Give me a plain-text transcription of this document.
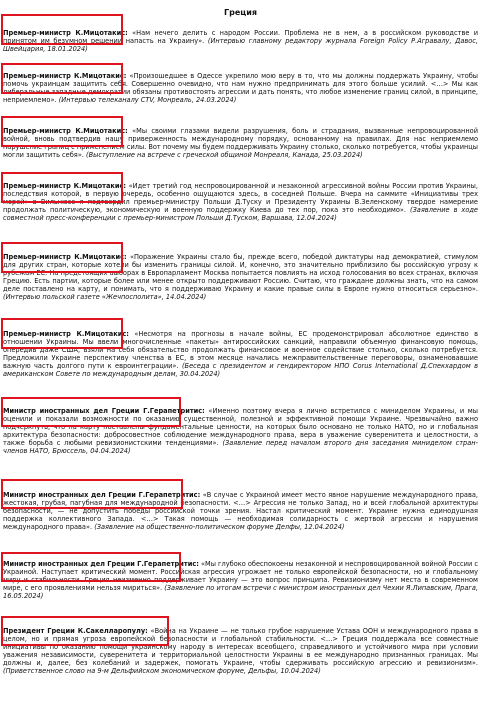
Греция
Премьер-министр К.Мицотакис: «Нам нечего делить с народом России. Проблема не в нем, а в российском руководстве и принятом им безумном решении напасть на Украину». (Интервью главному редактору журнала Foreign Policy Р.Агравалу, Давос, Швейцария, 18.01.2024)
Премьер-министр К.Мицотакис: «Произошедшее в Одессе укрепило мою веру в то, что мы должны поддержать Украину, чтобы помочь украинцам защитить себя. Совершенно очевидно, что нам нужно предпринимать для этого больше усилий. <…> Мы как либеральные западные демократии обязаны противостоять агрессии и дать понять, что любое изменение границ силой, в принципе, неприемлемо». (Интервью телеканалу CTV, Монреаль, 24.03.2024)
Премьер-министр К.Мицотакис: «Мы своими глазами видели разрушения, боль и страдания, вызванные непровоцированной войной, вновь подтвердив нашу приверженность международному порядку, основанному на правилах. Для нас неприемлемо нарушение границ с применением силы. Вот почему мы будем поддерживать Украину столько, сколько потребуется, чтобы украинцы могли защитить себя». (Выступление на встрече с греческой общиной Монреаля, Канада, 25.03.2024)
Премьер-министр К.Мицотакис: «Идет третий год неспровоцированной и незаконной агрессивной войны России против Украины, последствия которой, в первую очередь, особенно ощущаются здесь, в соседней Польше. Вчера на саммите «Инициативы трех морей» в Вильнюсе я подтвердил премьер-министру Польши Д.Туску и Президенту Украины В.Зеленскому твердое намерение продолжать политическую, экономическую и военную поддержку Киева до тех пор, пока это необходимо». (Заявление в ходе совместной пресс-конференции с премьер-министром Польши Д.Туском, Варшава, 12.04.2024)
Премьер-министр К.Мицотакис: «Поражение Украины стало бы, прежде всего, победой диктатуры над демократией, стимулом для других стран, которые хотели бы изменить границы силой. И, конечно, это значительно приблизило бы российскую угрозу к рубежам ЕС. На предстоящих выборах в Европарламент Москва попытается повлиять на исход голосования во всех странах, включая Грецию. Есть партии, которые более или менее открыто поддерживают Россию. Считаю, что граждане должны знать, что на самом деле поставлено на карту, и понимать, что я поддерживаю Украину и какие правые силы в Европе нужно относиться серьезно». (Интервью польской газете «Жечпосполита», 14.04.2024)
Премьер-министр К.Мицотакис: «Несмотря на прогнозы в начале войны, ЕС продемонстрировал абсолютное единство в отношении Украины. Мы ввели многочисленные «пакеты» антироссийских санкций, направили объемную финансовую помощь, опередив даже США, взяли на себя обязательство продолжать финансовое и военное содействие столько, сколько потребуется. Предложили Украине перспективу членства в ЕС, в этом месяце начались межправительственные переговоры, ознаменовавшие важную часть долгого пути к евроинтеграции». (Беседа с президентом и гендиректором НПО Corus International Д.Спекхардом в американском Совете по международным делам, 30.04.2024)
Министр иностранных дел Греции Г.Герапетритис: «Именно поэтому вчера я лично встретился с миниделом Украины, и мы оценили и показали возможности по оказанию существенной, полезной и эффективной помощи Украине. Чрезвычайно важно подчеркнуть, что на карту поставлены фундаментальные ценности, на которых было основано не только НАТО, но и глобальная архитектура безопасности: добросовестное соблюдение международного права, вера в уважение суверенитета и целостности, а также борьба с любыми ревизионистскими тенденциями». (Заявление перед началом второго дня заседания миниделом стран-членов НАТО, Брюссель, 04.04.2024)
Министр иностранных дел Греции Г.Герапетритис: «В случае с Украиной имеет место явное нарушение международного права, жестокая, грубая, пагубная для международной безопасности. <…> Агрессия не только Запад, но и всей глобальной архитектуры безопасности, — не допустить победы российской точки зрения. Настал критический момент. Украине нужна единодушная поддержка коллективного Запада. <…> Такая помощь — необходимая солидарность с жертвой агрессии и нарушения международного права». (Заявление на общественно-политическом форуме Делфы, 12.04.2024)
Министр иностранных дел Греции Г.Герапетритис: «Мы глубоко обеспокоены незаконной и неспровоцированной войной России с Украиной. Наступает критический момент. Российская агрессия угрожает не только европейской безопасности, но и глобальному миру и стабильности. Греция неизменно поддерживает Украину — это вопрос принципа. Ревизионизму нет места в современном мире, с его проявлениями нельзя мириться». (Заявление по итогам встречи с министром иностранных дел Чехии Я.Липавским, Прага, 16.05.2024)
Президент Греции К.Сакелларопулу: «Война на Украине — не только грубое нарушение Устава ООН и международного права в целом, но и прямая угроза европейской безопасности и глобальной стабильности. <…> Греция поддержала все совместные инициативы по оказанию помощи украинскому народу в интересах всеобщего, справедливого и устойчивого мира при условии уважения независимости, суверенитета и территориальной целостности Украины в ее международно признанных границах. Мы должны и, далее, без колебаний и задержек, помогать Украине, чтобы сдерживать российскую агрессию и ревизионизм». (Приветственное слово на 9-м Дельфийском экономическом форуме, Дельфы, 10.04.2024)
